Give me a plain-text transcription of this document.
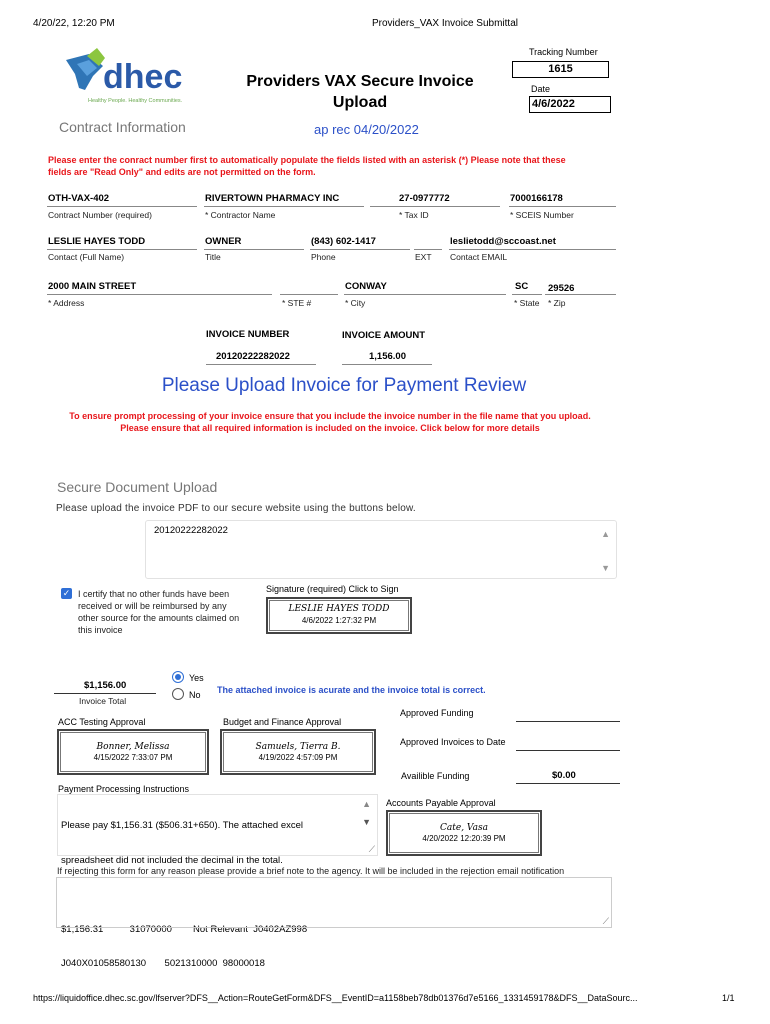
4/20/22, 12:20 PM	Providers_VAX Invoice Submittal
dhec
Healthy People. Healthy Communities.
Providers VAX Secure Invoice
Upload
Tracking Number
1615
Date
4/6/2022
Contract Information	ap rec 04/20/2022
Please enter the conract number first to automatically populate the fields listed with an asterisk (*) Please note that these
fields are "Read Only" and edits are not permitted on the form.
OTH-VAX-402
Contract Number (required)
RIVERTOWN PHARMACY INC
* Contractor Name
27-0977772
* Tax ID
7000166178
* SCEIS Number
LESLIE HAYES TODD
Contact (Full Name)
OWNER
Title
(843) 602-1417
Phone	EXT
leslietodd@sccoast.net
Contact EMAIL
2000 MAIN STREET
* Address	* STE #
CONWAY
* City
SC
* State
29526
* Zip
INVOICE NUMBER
20120222282022
INVOICE AMOUNT
1,156.00
Please Upload Invoice for Payment Review
To ensure prompt processing of your invoice ensure that you include the invoice number in the file name that you upload.
Please ensure that all required information is included on the invoice. Click below for more details
Secure Document Upload
Please upload the invoice PDF to our secure website using the buttons below.
20120222282022	▲
▼
✓ I certify that no other funds have been
received or will be reimbursed by any
other source for the amounts claimed on
this invoice
Signature (required) Click to Sign
LESLIE HAYES TODD
4/6/2022 1:27:32 PM
$1,156.00
Invoice Total
Yes
No The attached invoice is acurate and the invoice total is correct.
ACC Testing Approval	Budget and Finance Approval
Bonner, Melissa
4/15/2022 7:33:07 PM
Samuels, Tierra B.
4/19/2022 4:57:09 PM
Approved Funding
Approved Invoices to Date
Availible Funding	$0.00
Accounts Payable Approval
Cate, Vasa
4/20/2022 12:20:39 PM
Payment Processing Instructions

Please pay $1,156.31 ($506.31+650). The attached excel

spreadsheet did not included the decimal in the total.

$1,156.31          31070000        Not Relevant  J0402AZ998

J040X01058580130       5021310000  98000018

▲
▼
⟋
If rejecting this form for any reason please provide a brief note to the agency. It will be included in the rejection email notification
⟋
https://liquidoffice.dhec.sc.gov/lfserver?DFS__Action=RouteGetForm&DFS__EventID=a1158beb78db01376d7e5166_1331459178&DFS__DataSourc...	1/1
